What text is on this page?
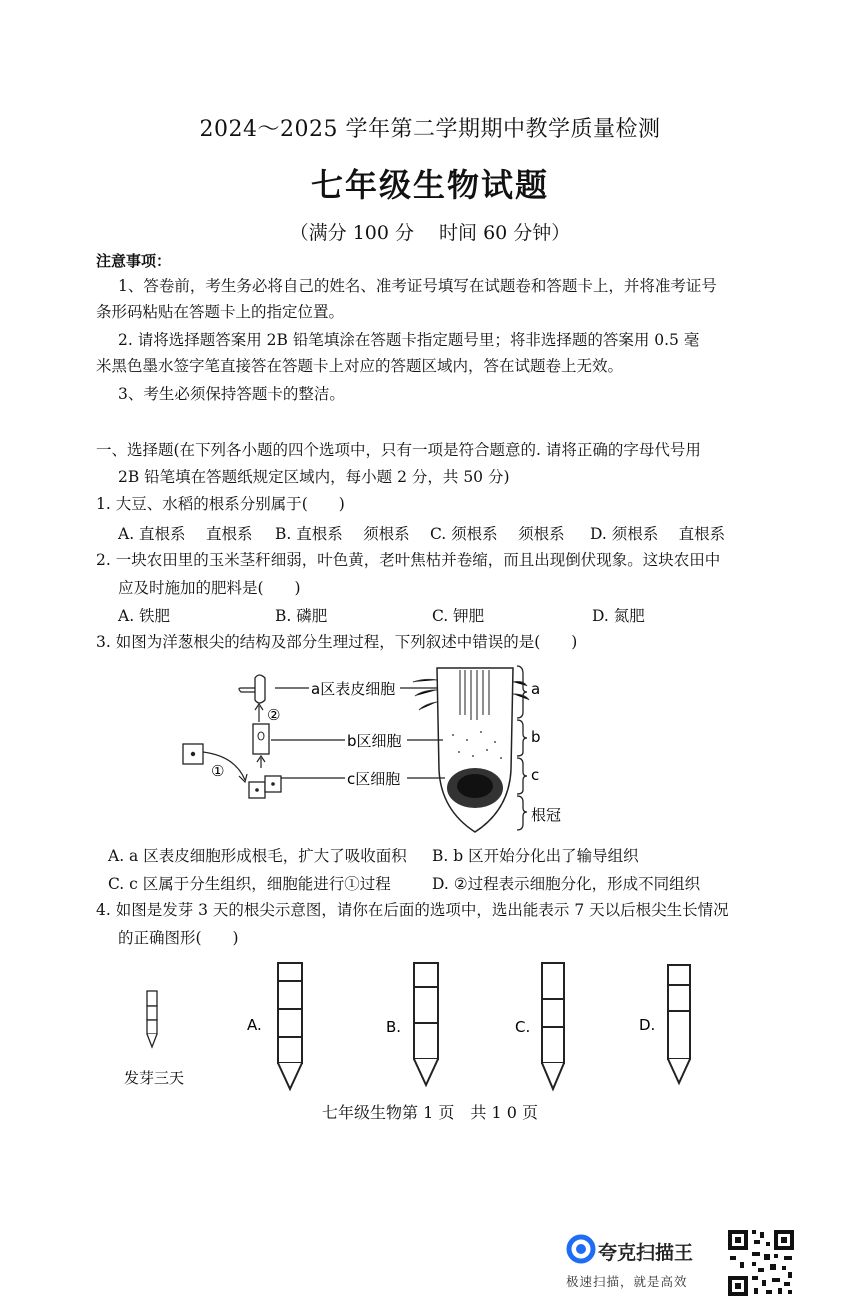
2024～2025 学年第二学期期中教学质量检测
七年级生物试题
（满分 100 分　 时间 60 分钟）
注意事项：
1、答卷前，考生务必将自己的姓名、准考证号填写在试题卷和答题卡上，并将准考证号
条形码粘贴在答题卡上的指定位置。
2. 请将选择题答案用 2B 铅笔填涂在答题卡指定题号里；将非选择题的答案用 0.5 毫
米黑色墨水签字笔直接答在答题卡上对应的答题区域内，答在试题卷上无效。
3、考生必须保持答题卡的整洁。
一、选择题(在下列各小题的四个选项中，只有一项是符合题意的. 请将正确的字母代号用
2B 铅笔填在答题纸规定区域内，每小题 2 分，共 50 分)
1. 大豆、水稻的根系分别属于(　　)
A. 直根系　 直根系 B. 直根系　 须根系 C. 须根系　 须根系 D. 须根系　 直根系
2. 一块农田里的玉米茎秆细弱，叶色黄，老叶焦枯并卷缩，而且出现倒伏现象。这块农田中
应及时施加的肥料是(　　)
A. 铁肥	B. 磷肥	C. 钾肥	D. 氮肥
3. 如图为洋葱根尖的结构及部分生理过程，下列叙述中错误的是(　　)
a
b
c
根冠
a区表皮细胞
b区细胞
c区细胞
②
①
A. a 区表皮细胞形成根毛，扩大了吸收面积 B. b 区开始分化出了输导组织
C. c 区属于分生组织，细胞能进行①过程	D. ②过程表示细胞分化，形成不同组织
4. 如图是发芽 3 天的根尖示意图，请你在后面的选项中，选出能表示 7 天以后根尖生长情况
的正确图形(　　)
发芽三天
A.	B.	C.	D.
七年级生物第 1 页　共 1 0 页
夸克扫描王
极速扫描，就是高效
